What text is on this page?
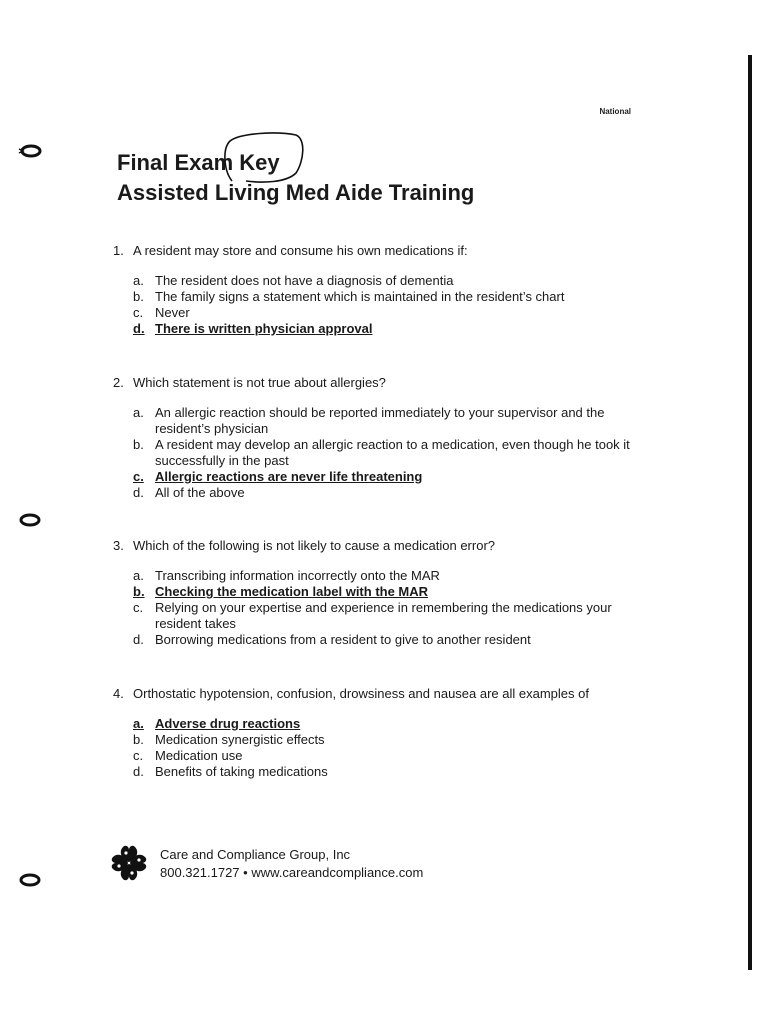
National
Final Exam Key
Assisted Living Med Aide Training
1. A resident may store and consume his own medications if:
a. The resident does not have a diagnosis of dementia
b. The family signs a statement which is maintained in the resident’s chart
c. Never
d. There is written physician approval
2. Which statement is not true about allergies?
a. An allergic reaction should be reported immediately to your supervisor and the resident’s physician
b. A resident may develop an allergic reaction to a medication, even though he took it successfully in the past
c. Allergic reactions are never life threatening
d. All of the above
3. Which of the following is not likely to cause a medication error?
a. Transcribing information incorrectly onto the MAR
b. Checking the medication label with the MAR
c. Relying on your expertise and experience in remembering the medications your resident takes
d. Borrowing medications from a resident to give to another resident
4. Orthostatic hypotension, confusion, drowsiness and nausea are all examples of
a. Adverse drug reactions
b. Medication synergistic effects
c. Medication use
d. Benefits of taking medications
Care and Compliance Group, Inc
800.321.1727 • www.careandcompliance.com
